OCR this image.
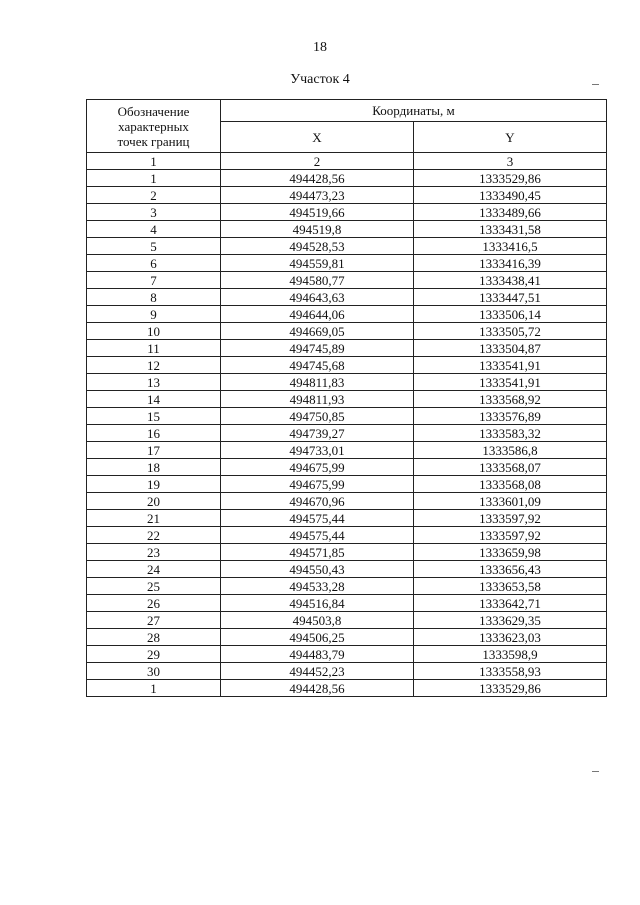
18
Участок 4
Обозначение
характерных
точек границ	Координаты, м	
	X	Y
1	2	3
1	494428,56	1333529,86
2	494473,23	1333490,45
3	494519,66	1333489,66
4	494519,8	1333431,58
5	494528,53	1333416,5
6	494559,81	1333416,39
7	494580,77	1333438,41
8	494643,63	1333447,51
9	494644,06	1333506,14
10	494669,05	1333505,72
11	494745,89	1333504,87
12	494745,68	1333541,91
13	494811,83	1333541,91
14	494811,93	1333568,92
15	494750,85	1333576,89
16	494739,27	1333583,32
17	494733,01	1333586,8
18	494675,99	1333568,07
19	494675,99	1333568,08
20	494670,96	1333601,09
21	494575,44	1333597,92
22	494575,44	1333597,92
23	494571,85	1333659,98
24	494550,43	1333656,43
25	494533,28	1333653,58
26	494516,84	1333642,71
27	494503,8	1333629,35
28	494506,25	1333623,03
29	494483,79	1333598,9
30	494452,23	1333558,93
1	494428,56	1333529,86
